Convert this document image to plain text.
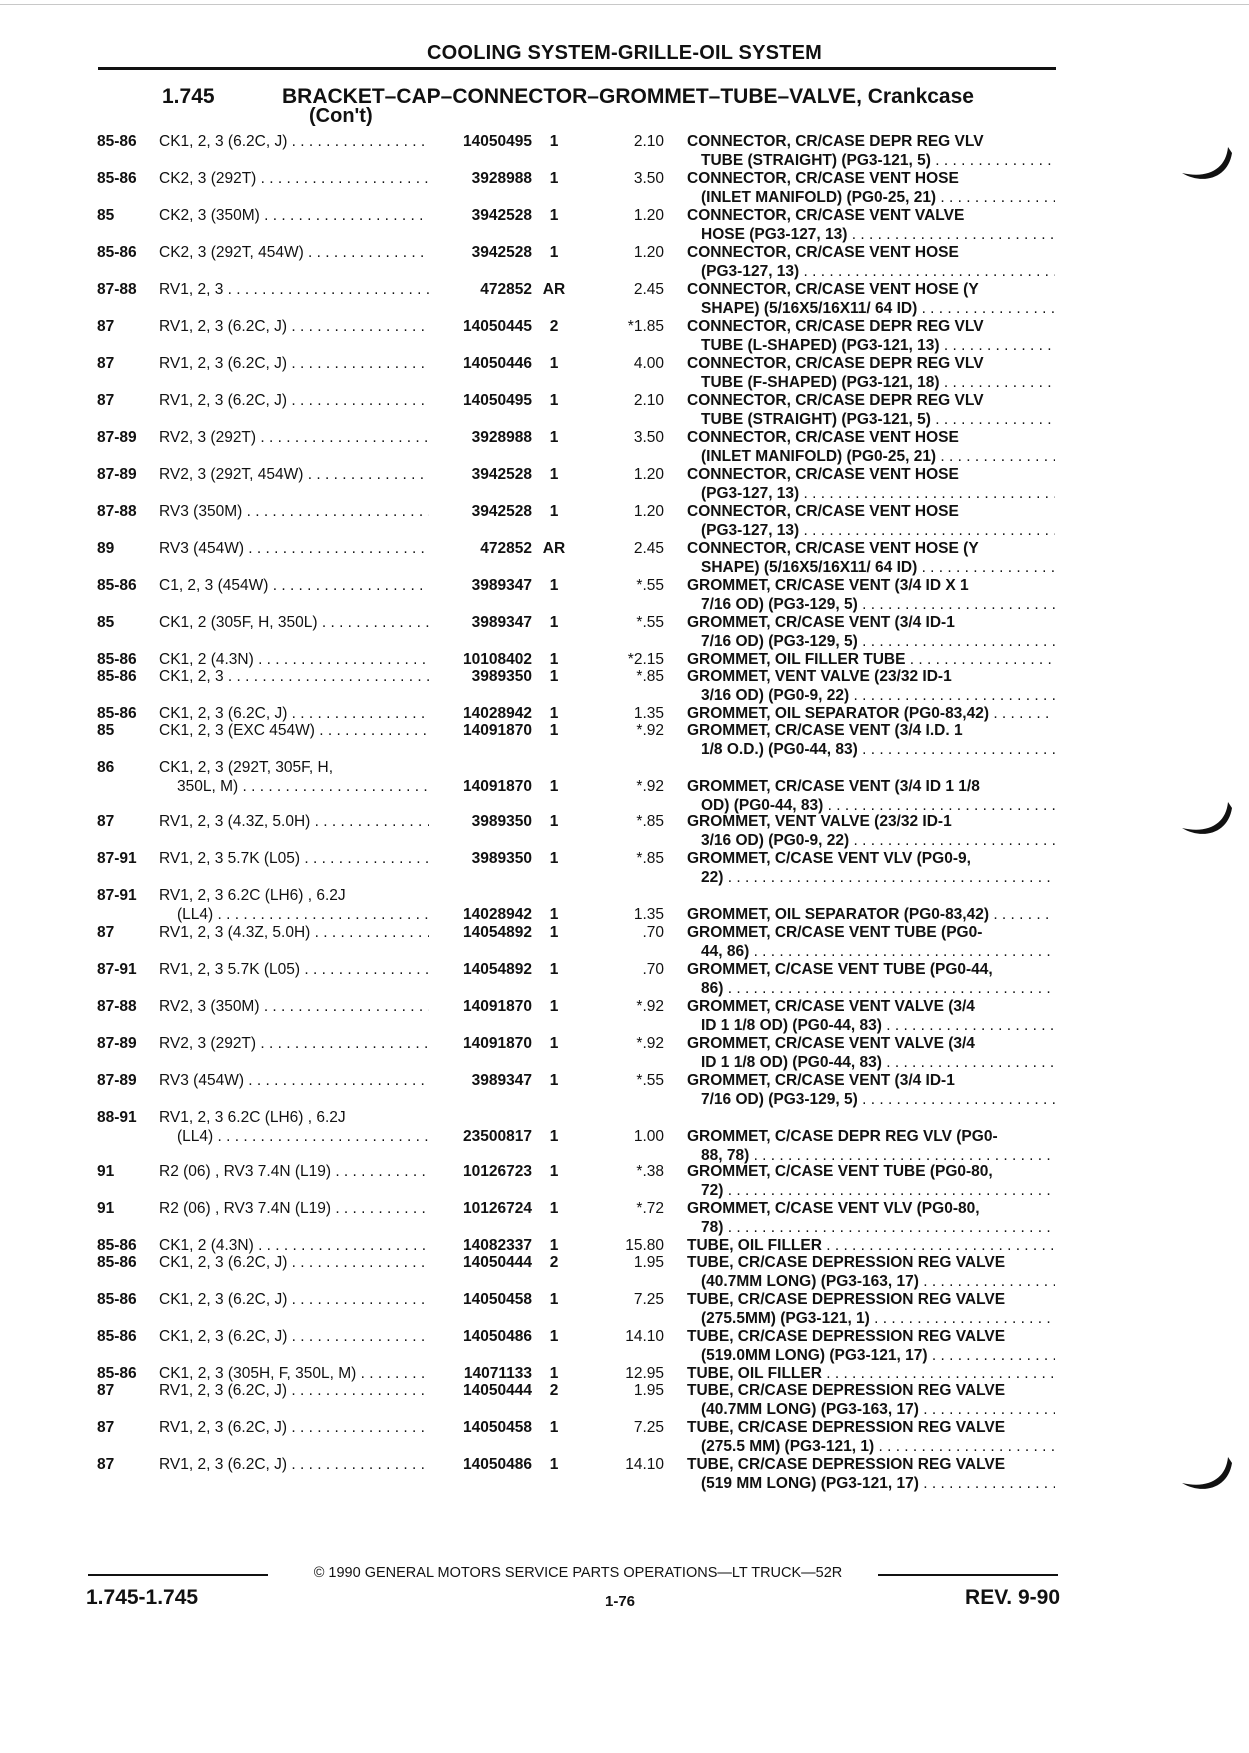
COOLING SYSTEM-GRILLE-OIL SYSTEM
1.745	BRACKET–CAP–CONNECTOR–GROMMET–TUBE–VALVE, Crankcase
(Con't)
85-86 CK1, 2, 3 (6.2C, J) . . .	14050495	1	2.10 CONNECTOR, CR/CASE DEPR REG VLV
TUBE (STRAIGHT) (PG3-121, 5) . . .
85-86 CK2, 3 (292T) . . .	3928988	1	3.50 CONNECTOR, CR/CASE VENT HOSE
(INLET MANIFOLD) (PG0-25, 21) . . .
85	CK2, 3 (350M) . . .	3942528	1	1.20 CONNECTOR, CR/CASE VENT VALVE
HOSE (PG3-127, 13) . . .
85-86 CK2, 3 (292T, 454W) . . .	3942528	1	1.20 CONNECTOR, CR/CASE VENT HOSE
(PG3-127, 13) . . .
87-88 RV1, 2, 3 . . .	472852 AR	2.45 CONNECTOR, CR/CASE VENT HOSE (Y
SHAPE) (5/16X5/16X11/ 64 ID) . . .
87	RV1, 2, 3 (6.2C, J) . . .	14050445	2	*1.85 CONNECTOR, CR/CASE DEPR REG VLV
TUBE (L-SHAPED) (PG3-121, 13) . . .
87	RV1, 2, 3 (6.2C, J) . . .	14050446	1	4.00 CONNECTOR, CR/CASE DEPR REG VLV
TUBE (F-SHAPED) (PG3-121, 18) . . .
87	RV1, 2, 3 (6.2C, J) . . .	14050495	1	2.10 CONNECTOR, CR/CASE DEPR REG VLV
TUBE (STRAIGHT) (PG3-121, 5) . . .
87-89 RV2, 3 (292T) . . .	3928988	1	3.50 CONNECTOR, CR/CASE VENT HOSE
(INLET MANIFOLD) (PG0-25, 21) . . .
87-89 RV2, 3 (292T, 454W) . . .	3942528	1	1.20 CONNECTOR, CR/CASE VENT HOSE
(PG3-127, 13) . . .
87-88 RV3 (350M) . . .	3942528	1	1.20 CONNECTOR, CR/CASE VENT HOSE
(PG3-127, 13) . . .
89	RV3 (454W) . . .	472852 AR	2.45 CONNECTOR, CR/CASE VENT HOSE (Y
SHAPE) (5/16X5/16X11/ 64 ID) . . .
85-86 C1, 2, 3 (454W) . . .	3989347	1	*.55 GROMMET, CR/CASE VENT (3/4 ID X 1
7/16 OD) (PG3-129, 5) . . .
85	CK1, 2 (305F, H, 350L) . . .	3989347	1	*.55 GROMMET, CR/CASE VENT (3/4 ID-1
7/16 OD) (PG3-129, 5) . . .
85-86 CK1, 2 (4.3N) . . .	10108402	1	*2.15 GROMMET, OIL FILLER TUBE . . .
85-86 CK1, 2, 3 . . .	3989350	1	*.85 GROMMET, VENT VALVE (23/32 ID-1
3/16 OD) (PG0-9, 22) . . .
85-86 CK1, 2, 3 (6.2C, J) . . .	14028942	1	1.35 GROMMET, OIL SEPARATOR (PG0-83,42) . . .
85	CK1, 2, 3 (EXC 454W) . . .	14091870	1	*.92 GROMMET, CR/CASE VENT (3/4 I.D. 1
1/8 O.D.) (PG0-44, 83) . . .
86	CK1, 2, 3 (292T, 305F, H,
350L, M) . . .	14091870	1	*.92 GROMMET, CR/CASE VENT (3/4 ID 1 1/8
OD) (PG0-44, 83) . . .
87	RV1, 2, 3 (4.3Z, 5.0H) . . .	3989350	1	*.85 GROMMET, VENT VALVE (23/32 ID-1
3/16 OD) (PG0-9, 22) . . .
87-91 RV1, 2, 3 5.7K (L05) . . .	3989350	1	*.85 GROMMET, C/CASE VENT VLV (PG0-9,
22) . . .
87-91 RV1, 2, 3 6.2C (LH6) , 6.2J
(LL4) . . .	14028942	1	1.35 GROMMET, OIL SEPARATOR (PG0-83,42) . . .
87	RV1, 2, 3 (4.3Z, 5.0H) . . .	14054892	1	.70 GROMMET, CR/CASE VENT TUBE (PG0-
44, 86) . . .
87-91 RV1, 2, 3 5.7K (L05) . . .	14054892	1	.70 GROMMET, C/CASE VENT TUBE (PG0-44,
86) . . .
87-88 RV2, 3 (350M) . . .	14091870	1	*.92 GROMMET, CR/CASE VENT VALVE (3/4
ID 1 1/8 OD) (PG0-44, 83) . . .
87-89 RV2, 3 (292T) . . .	14091870	1	*.92 GROMMET, CR/CASE VENT VALVE (3/4
ID 1 1/8 OD) (PG0-44, 83) . . .
87-89 RV3 (454W) . . .	3989347	1	*.55 GROMMET, CR/CASE VENT (3/4 ID-1
7/16 OD) (PG3-129, 5) . . .
88-91 RV1, 2, 3 6.2C (LH6) , 6.2J
(LL4) . . .	23500817	1	1.00 GROMMET, C/CASE DEPR REG VLV (PG0-
88, 78) . . .
91	R2 (06) , RV3 7.4N (L19) . . .	10126723	1	*.38 GROMMET, C/CASE VENT TUBE (PG0-80,
72) . . .
91	R2 (06) , RV3 7.4N (L19) . . .	10126724	1	*.72 GROMMET, C/CASE VENT VLV (PG0-80,
78) . . .
85-86 CK1, 2 (4.3N) . . .	14082337	1	15.80 TUBE, OIL FILLER . . .
85-86 CK1, 2, 3 (6.2C, J) . . .	14050444	2	1.95 TUBE, CR/CASE DEPRESSION REG VALVE
(40.7MM LONG) (PG3-163, 17) . . .
85-86 CK1, 2, 3 (6.2C, J) . . .	14050458	1	7.25 TUBE, CR/CASE DEPRESSION REG VALVE
(275.5MM) (PG3-121, 1) . . .
85-86 CK1, 2, 3 (6.2C, J) . . .	14050486	1	14.10 TUBE, CR/CASE DEPRESSION REG VALVE
(519.0MM LONG) (PG3-121, 17) . . .
85-86 CK1, 2, 3 (305H, F, 350L, M) . . .	14071133	1	12.95 TUBE, OIL FILLER . . .
87	RV1, 2, 3 (6.2C, J) . . .	14050444	2	1.95 TUBE, CR/CASE DEPRESSION REG VALVE
(40.7MM LONG) (PG3-163, 17) . . .
87	RV1, 2, 3 (6.2C, J) . . .	14050458	1	7.25 TUBE, CR/CASE DEPRESSION REG VALVE
(275.5 MM) (PG3-121, 1) . . .
87	RV1, 2, 3 (6.2C, J) . . .	14050486	1	14.10 TUBE, CR/CASE DEPRESSION REG VALVE
(519 MM LONG) (PG3-121, 17) . . .
© 1990 GENERAL MOTORS SERVICE PARTS OPERATIONS—LT TRUCK—52R
1.745-1.745	1-76	REV. 9-90
